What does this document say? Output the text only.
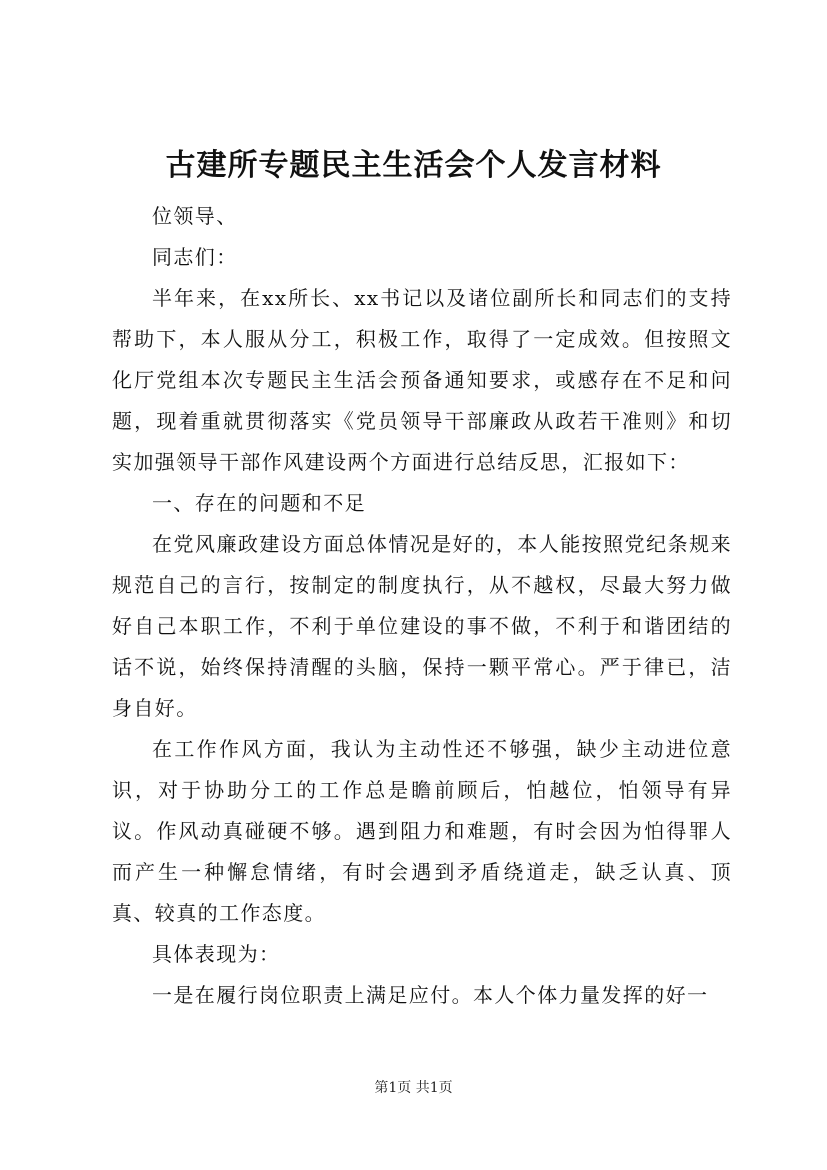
古建所专题民主生活会个人发言材料

位领导、

同志们：

半年来，在xx所长、xx书记以及诸位副所长和同志们的支持帮助下，本人服从分工，积极工作，取得了一定成效。但按照文化厅党组本次专题民主生活会预备通知要求，或感存在不足和问题，现着重就贯彻落实《党员领导干部廉政从政若干准则》和切实加强领导干部作风建设两个方面进行总结反思，汇报如下：

一、存在的问题和不足

在党风廉政建设方面总体情况是好的，本人能按照党纪条规来规范自己的言行，按制定的制度执行，从不越权，尽最大努力做好自己本职工作，不利于单位建设的事不做，不利于和谐团结的话不说，始终保持清醒的头脑，保持一颗平常心。严于律已，洁身自好。

在工作作风方面，我认为主动性还不够强，缺少主动进位意识，对于协助分工的工作总是瞻前顾后，怕越位，怕领导有异议。作风动真碰硬不够。遇到阻力和难题，有时会因为怕得罪人而产生一种懈怠情绪，有时会遇到矛盾绕道走，缺乏认真、顶真、较真的工作态度。

具体表现为：

一是在履行岗位职责上满足应付。本人个体力量发挥的好一

第1页 共1页
